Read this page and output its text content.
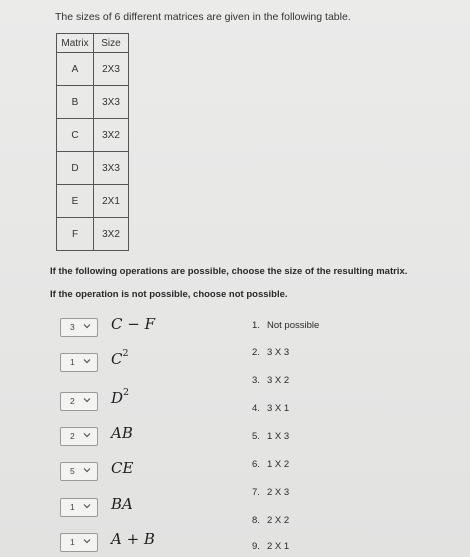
The sizes of 6 different matrices are given in the following table.
Matrix	Size
A	2X3
B	3X3
C	3X2
D	3X3
E	2X1
F	3X2
If the following operations are possible, choose the size of the resulting matrix.
If the operation is not possible, choose not possible.
3 C − F
1 $C^2$
2 $D^2$
2 AB
5 CE
1 BA
1 A + B
1. Not possible
2. 3 X 3
3. 3 X 2
4. 3 X 1
5. 1 X 3
6. 1 X 2
7. 2 X 3
8. 2 X 2
9. 2 X 1
